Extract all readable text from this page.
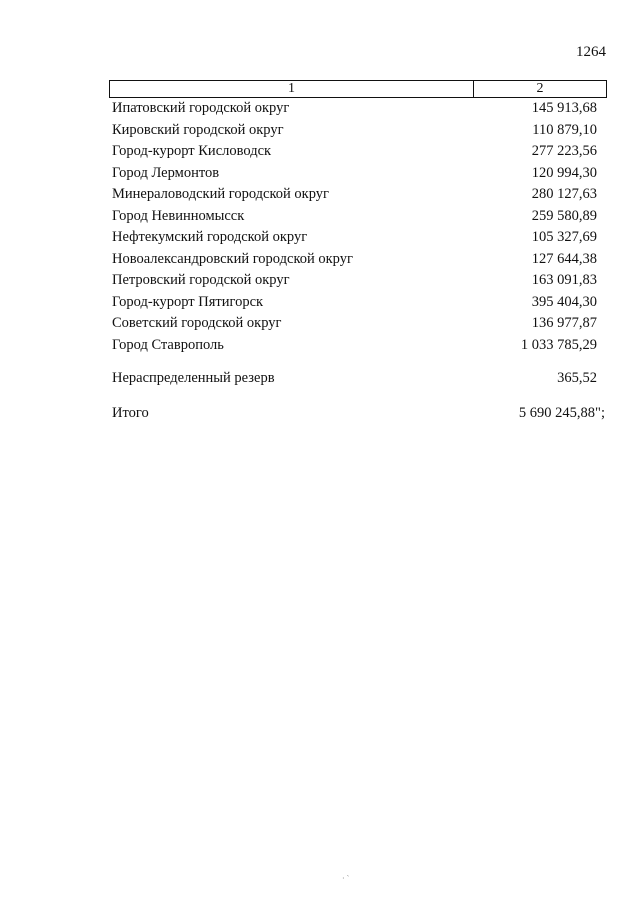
1264
1	2
Ипатовский городской округ	145 913,68
Кировский городской округ	110 879,10
Город-курорт Кисловодск	277 223,56
Город Лермонтов	120 994,30
Минераловодский городской округ	280 127,63
Город Невинномысск	259 580,89
Нефтекумский городской округ	105 327,69
Новоалександровский городской округ	127 644,38
Петровский городской округ	163 091,83
Город-курорт Пятигорск	395 404,30
Советский городской округ	136 977,87
Город Ставрополь	1 033 785,29
Нераспределенный резерв	365,52
Итого	5 690 245,88";
· ˋ
